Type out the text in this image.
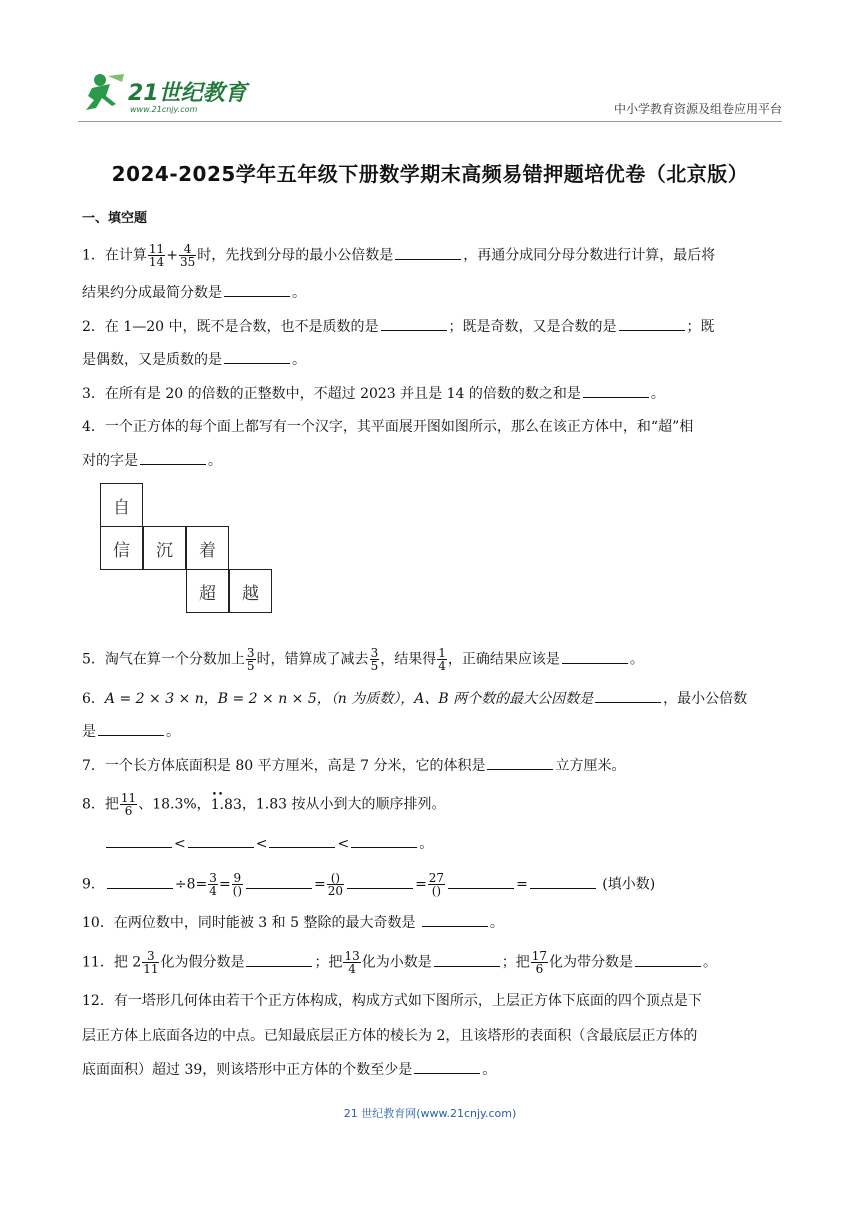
21世纪教育
www.21cnjy.com	中小学教育资源及组卷应用平台
2024-2025学年五年级下册数学期末高频易错押题培优卷（北京版）
一、填空题
1．在计算 $\frac{11}{14} + \frac{4}{35}$ 时，先找到分母的最小公倍数是	，再通分成同分母分数进行计算，最后将
结果约分成最简分数是	。
2．在 1—20 中，既不是合数，也不是质数的是	；既是奇数，又是合数的是	；既
是偶数，又是质数的是	。
3．在所有是 20 的倍数的正整数中，不超过 2023 并且是 14 的倍数的数之和是	。
4．一个正方体的每个面上都写有一个汉字，其平面展开图如图所示，那么在该正方体中，和“超”相
对的字是	。
自
信	沉	着
超	越
5．淘气在算一个分数加上 $\frac{3}{5}$ 时，错算成了减去 $\frac{3}{5}$ ，结果得 $\frac{1}{4}$ ，正确结果应该是	。
6．A = 2 × 3 × n，B = 2 × n × 5，（n 为质数），A、B 两个数的最大公因数是	，最小公倍数
是	。
7．一个长方体底面积是 80 平方厘米，高是 7 分米，它的体积是	立方厘米。
8．把 $\frac{11}{6}$ 、18.3%，• • 1.83，1.83 按从小到大的顺序排列。
<	<	<	。
9．	$\div 8= \frac{3}{4} = \frac{9}{()}$	= $\frac{()}{20}$	= $\frac{27}{()}$	=	(填小数)
10．在两位数中，同时能被 3 和 5 整除的最大奇数是	。
11．把 $2 \frac{3}{11}$ 化为假分数是	；把 $\frac{13}{4}$ 化为小数是	；把 $\frac{17}{6}$ 化为带分数是	。
12．有一塔形几何体由若干个正方体构成，构成方式如下图所示，上层正方体下底面的四个顶点是下
层正方体上底面各边的中点。已知最底层正方体的棱长为 2，且该塔形的表面积（含最底层正方体的
底面面积）超过 39，则该塔形中正方体的个数至少是	。
21 世纪教育网(www.21cnjy.com)
